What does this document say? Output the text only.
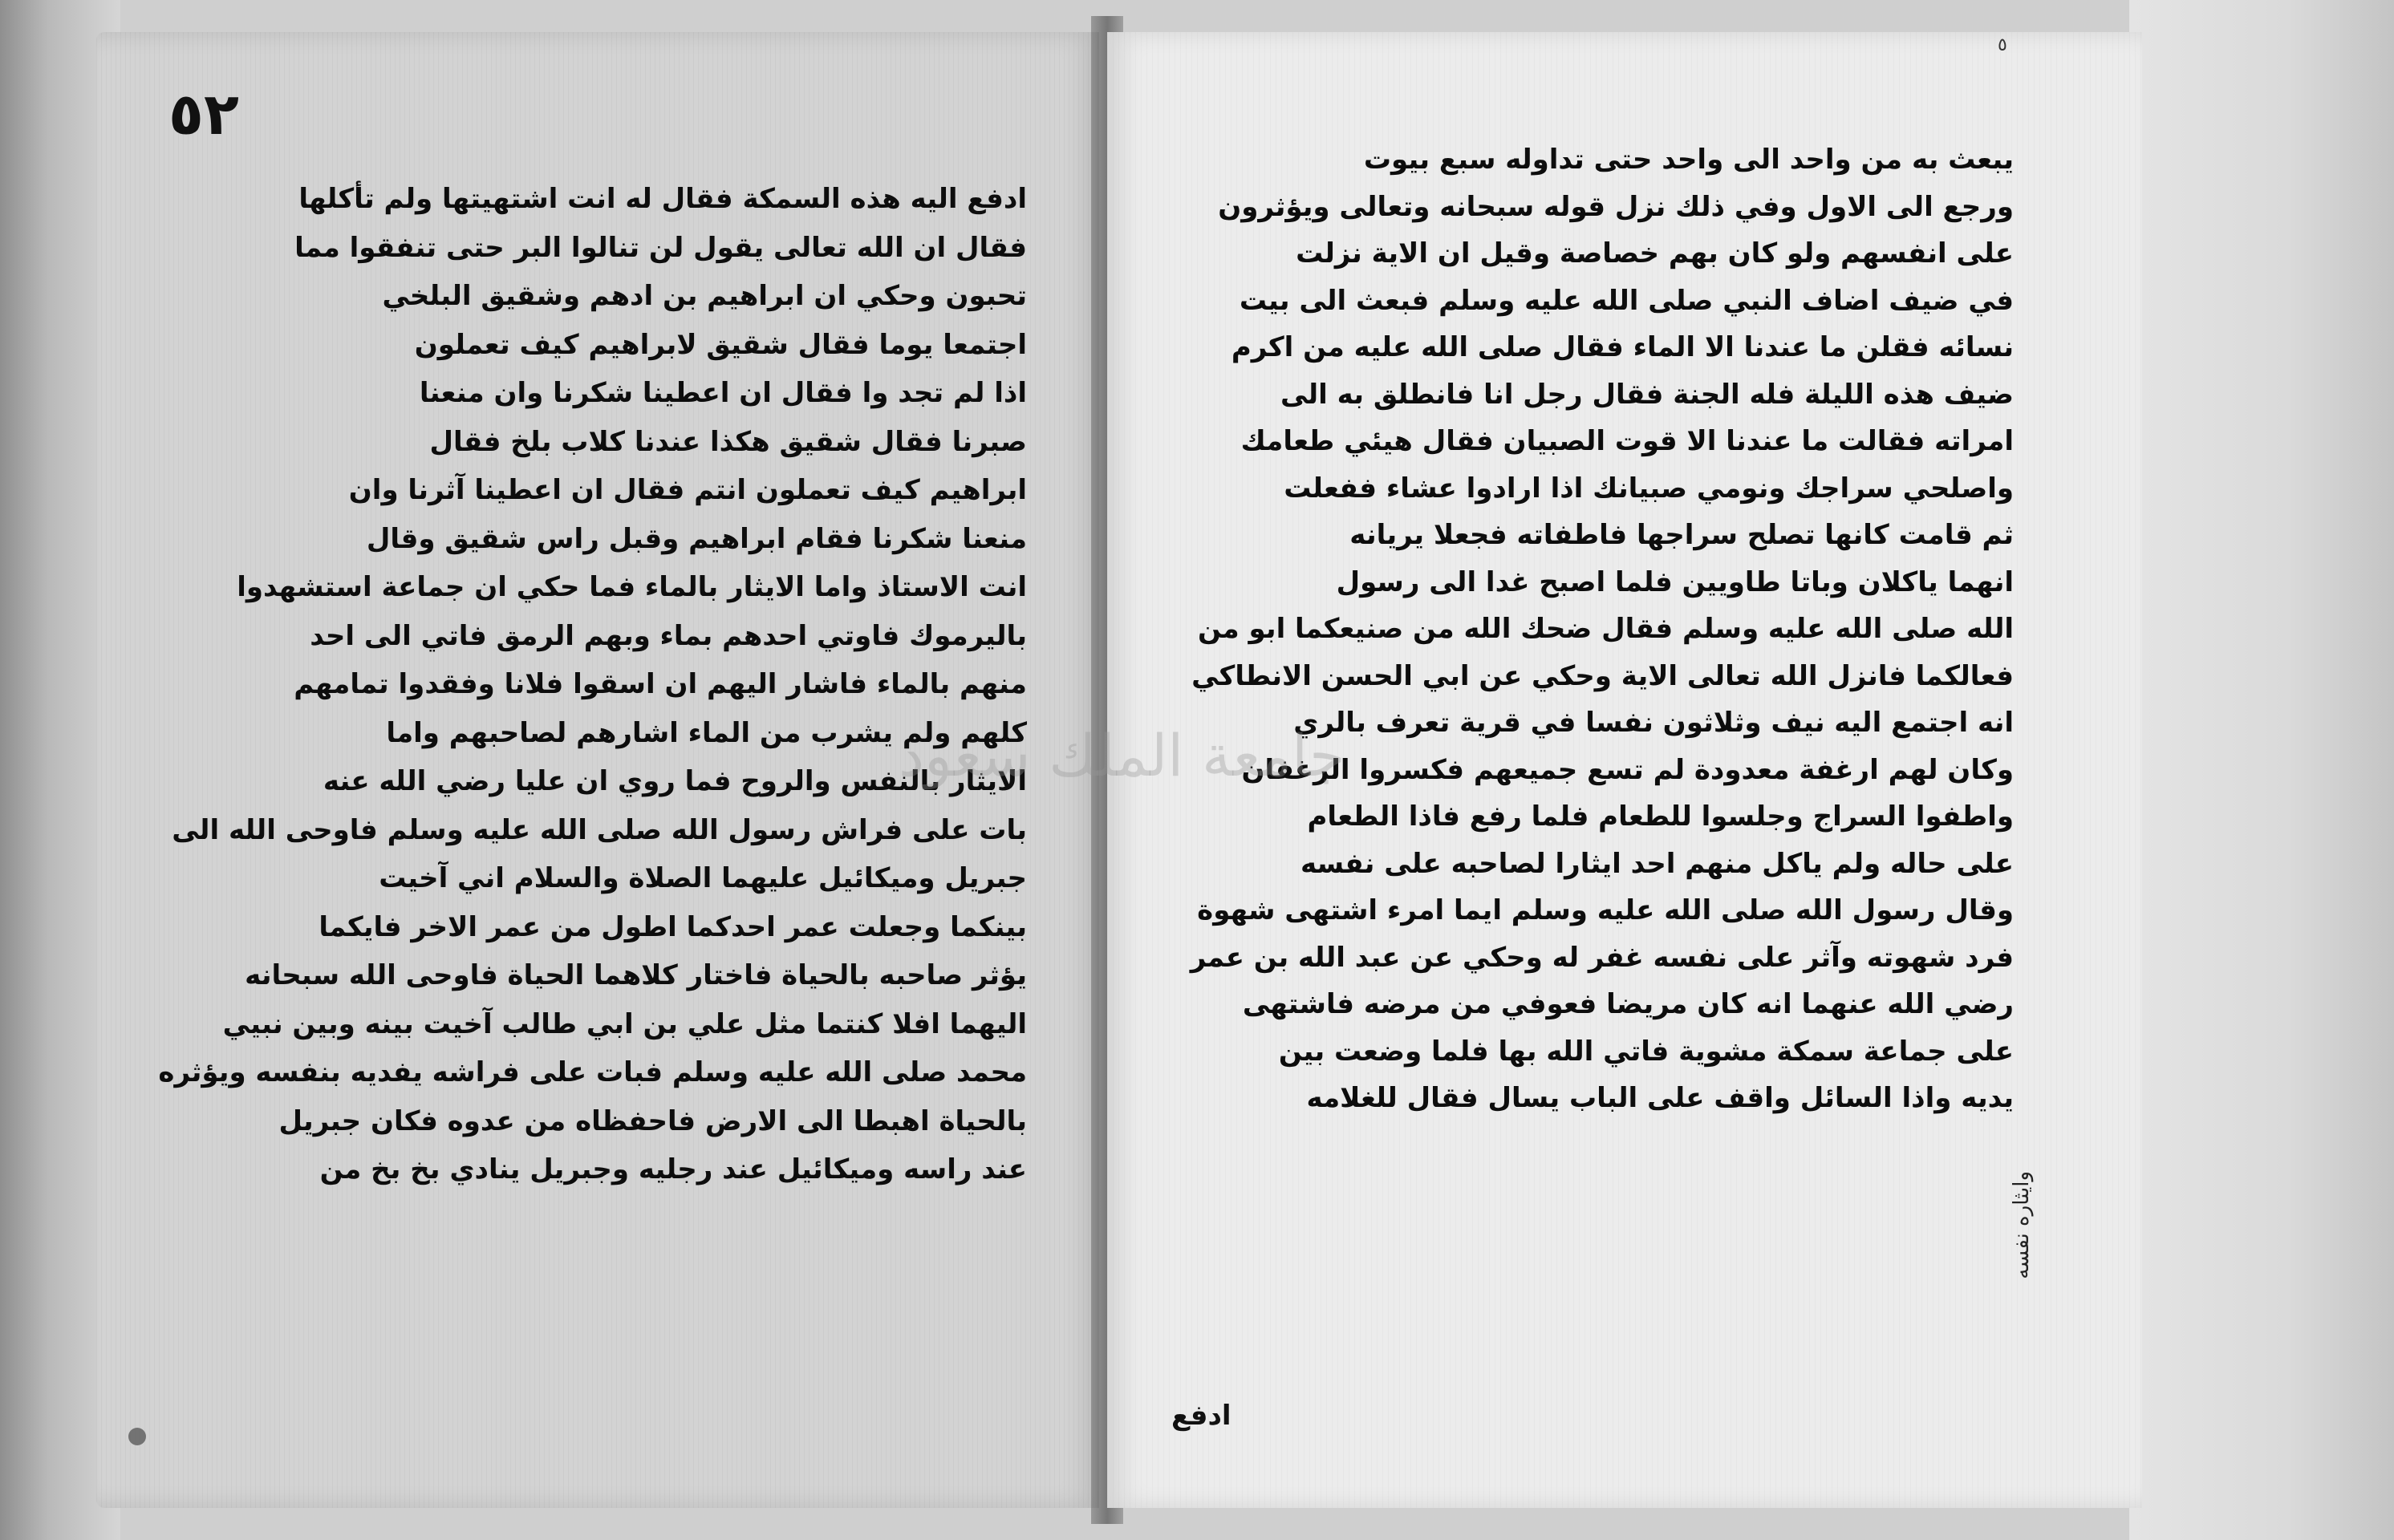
٥٢
ادفع اليه هذه السمكة فقال له انت اشتهيتها ولم تأكلها
فقال ان الله تعالى يقول لن تنالوا البر حتى تنفقوا مما
تحبون وحكي ان ابراهيم بن ادهم وشقيق البلخي
اجتمعا يوما فقال شقيق لابراهيم كيف تعملون
اذا لم تجد وا فقال ان اعطينا شكرنا وان منعنا
صبرنا فقال شقيق هكذا عندنا كلاب بلخ فقال
ابراهيم كيف تعملون انتم فقال ان اعطينا آثرنا وان
منعنا شكرنا فقام ابراهيم وقبل راس شقيق وقال
انت الاستاذ واما الايثار بالماء فما حكي ان جماعة استشهدوا
باليرموك فاوتي احدهم بماء وبهم الرمق فاتي الى احد
منهم بالماء فاشار اليهم ان اسقوا فلانا وفقدوا تمامهم
كلهم ولم يشرب من الماء اشارهم لصاحبهم واما
الايثار بالنفس والروح فما روي ان عليا رضي الله عنه
بات على فراش رسول الله صلى الله عليه وسلم فاوحى الله الى
جبريل وميكائيل عليهما الصلاة والسلام اني آخيت
بينكما وجعلت عمر احدكما اطول من عمر الاخر فايكما
يؤثر صاحبه بالحياة فاختار كلاهما الحياة فاوحى الله سبحانه
اليهما افلا كنتما مثل علي بن ابي طالب آخيت بينه وبين نبيي
محمد صلى الله عليه وسلم فبات على فراشه يفديه بنفسه ويؤثره
بالحياة اهبطا الى الارض فاحفظاه من عدوه فكان جبريل
عند راسه وميكائيل عند رجليه وجبريل ينادي بخ بخ من
٥
يبعث به من واحد الى واحد حتى تداوله سبع بيوت
ورجع الى الاول وفي ذلك نزل قوله سبحانه وتعالى ويؤثرون
على انفسهم ولو كان بهم خصاصة وقيل ان الاية نزلت
في ضيف اضاف النبي صلى الله عليه وسلم فبعث الى بيت
نسائه فقلن ما عندنا الا الماء فقال صلى الله عليه من اكرم
ضيف هذه الليلة فله الجنة فقال رجل انا فانطلق به الى
امراته فقالت ما عندنا الا قوت الصبيان فقال هيئي طعامك
واصلحي سراجك ونومي صبيانك اذا ارادوا عشاء ففعلت
ثم قامت كانها تصلح سراجها فاطفاته فجعلا يريانه
انهما ياكلان وباتا طاويين فلما اصبح غدا الى رسول
الله صلى الله عليه وسلم فقال ضحك الله من صنيعكما ابو من
فعالكما فانزل الله تعالى الاية وحكي عن ابي الحسن الانطاكي
انه اجتمع اليه نيف وثلاثون نفسا في قرية تعرف بالري
وكان لهم ارغفة معدودة لم تسع جميعهم فكسروا الرغفان
واطفوا السراج وجلسوا للطعام فلما رفع فاذا الطعام
على حاله ولم ياكل منهم احد ايثارا لصاحبه على نفسه
وقال رسول الله صلى الله عليه وسلم ايما امرء اشتهى شهوة
فرد شهوته وآثر على نفسه غفر له وحكي عن عبد الله بن عمر
رضي الله عنهما انه كان مريضا فعوفي من مرضه فاشتهى
على جماعة سمكة مشوية فاتي الله بها فلما وضعت بين
يديه واذا السائل واقف على الباب يسال فقال للغلامه
ادفع
وايثاره نفسه
جامعة الملك سعود
